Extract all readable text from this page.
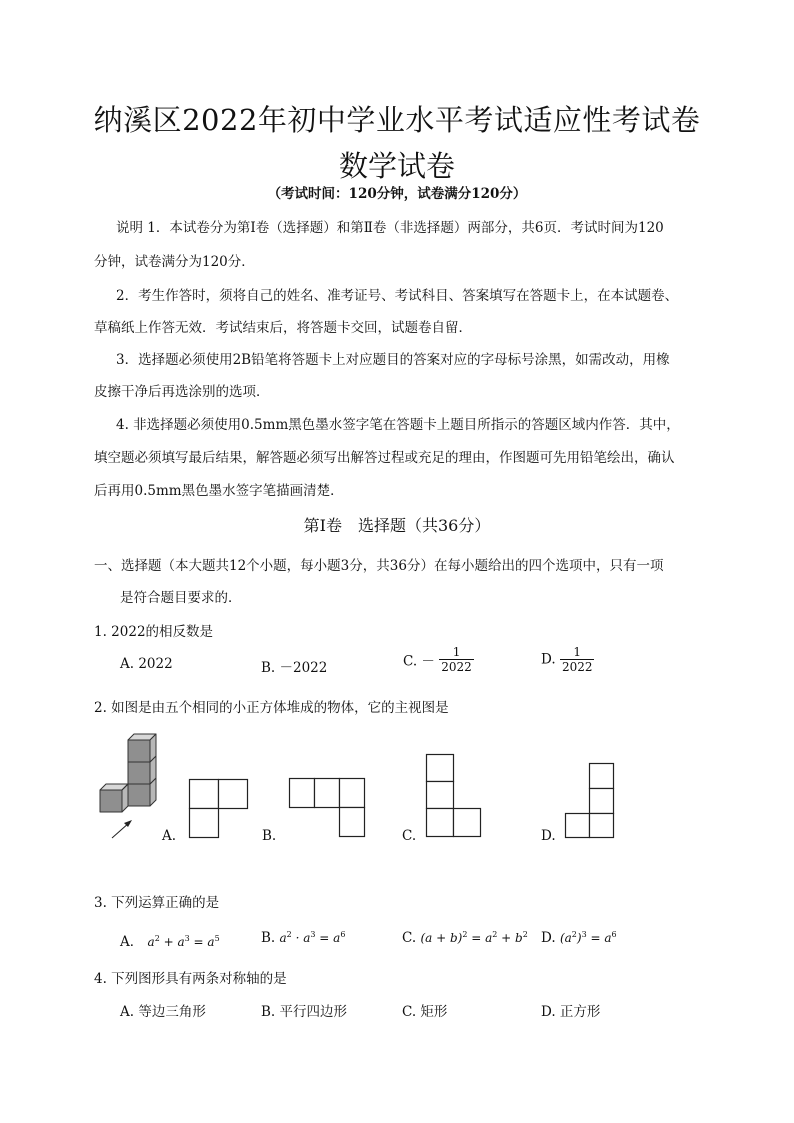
纳溪区2022年初中学业水平考试适应性考试卷
数学试卷
（考试时间：120分钟，试卷满分120分）
说明 1．本试卷分为第Ⅰ卷（选择题）和第Ⅱ卷（非选择题）两部分，共6页．考试时间为120
分钟，试卷满分为120分．
2．考生作答时，须将自己的姓名、准考证号、考试科目、答案填写在答题卡上，在本试题卷、
草稿纸上作答无效．考试结束后，将答题卡交回，试题卷自留．
3．选择题必须使用2B铅笔将答题卡上对应题目的答案对应的字母标号涂黑，如需改动，用橡
皮擦干净后再选涂别的选项．
4. 非选择题必须使用0.5mm黑色墨水签字笔在答题卡上题目所指示的答题区域内作答．其中，
填空题必须填写最后结果，解答题必须写出解答过程或充足的理由，作图题可先用铅笔绘出，确认
后再用0.5mm黑色墨水签字笔描画清楚．
第Ⅰ卷　选择题（共36分）
一、选择题（本大题共12个小题，每小题3分，共36分）在每小题给出的四个选项中，只有一项
是符合题目要求的．
1. 2022的相反数是
A. 2022	B. －2022	C. － $\frac{1}{2022}$	D. $\frac{1}{2022}$
2. 如图是由五个相同的小正方体堆成的物体，它的主视图是
A.	B.	C.	D.
3. 下列运算正确的是
A． $a^2 + a^3 = a^5$	B. $a^2 \cdot a^3 = a^6$	C. $(a + b)^2 = a^2 + b^2$ D. $(a^2)^3 = a^6$
4. 下列图形具有两条对称轴的是
A. 等边三角形	B. 平行四边形	C. 矩形	D. 正方形
